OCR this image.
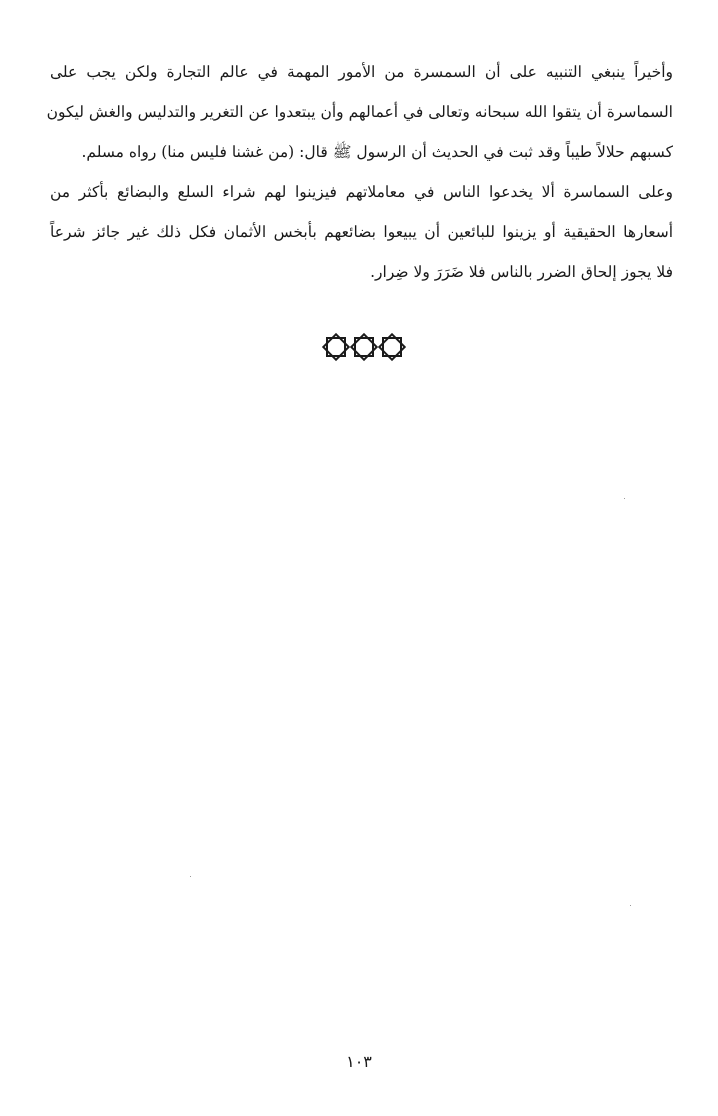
وأخيراً ينبغي التنبيه على أن السمسرة من الأمور المهمة في عالم التجارة ولكن يجب على
السماسرة أن يتقوا الله سبحانه وتعالى في أعمالهم وأن يبتعدوا عن التغرير والتدليس والغش ليكون
كسبهم حلالاً طيباً وقد ثبت في الحديث أن الرسول ﷺ قال: (من غشنا فليس منا) رواه مسلم.
وعلى السماسرة ألا يخدعوا الناس في معاملاتهم فيزينوا لهم شراء السلع والبضائع بأكثر من
أسعارها الحقيقية أو يزينوا للبائعين أن يبيعوا بضائعهم بأبخس الأثمان فكل ذلك غير جائز شرعاً
فلا يجوز إلحاق الضرر بالناس فلا ضَرَرَ ولا ضِرار.
١٠٣
